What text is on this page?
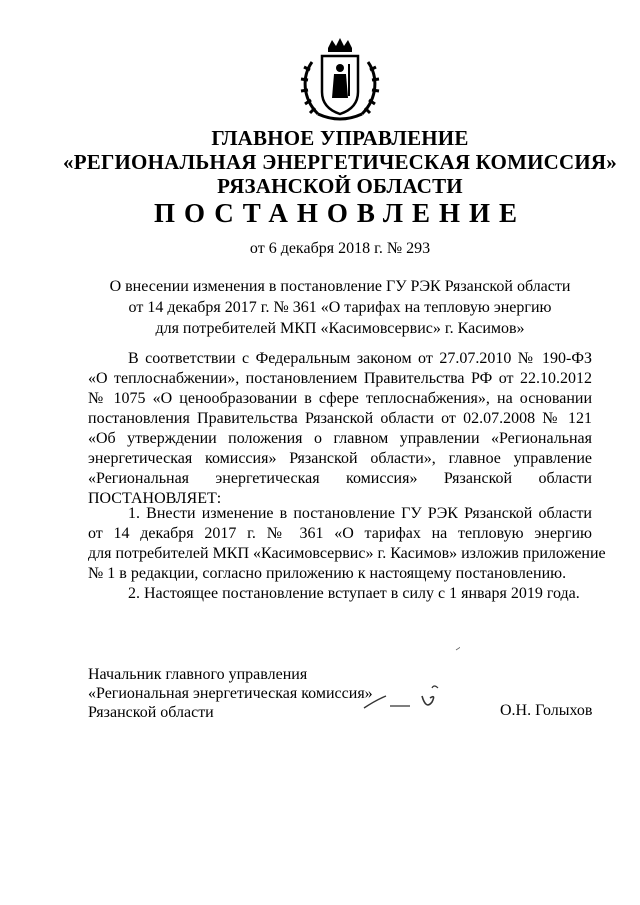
ГЛАВНОЕ УПРАВЛЕНИЕ
«РЕГИОНАЛЬНАЯ ЭНЕРГЕТИЧЕСКАЯ КОМИССИЯ»
РЯЗАНСКОЙ ОБЛАСТИ
ПОСТАНОВЛЕНИЕ
от 6 декабря 2018 г. № 293
О внесении изменения в постановление ГУ РЭК Рязанской области
от 14 декабря 2017 г. № 361 «О тарифах на тепловую энергию
для потребителей МКП «Касимовсервис» г. Касимов»
В соответствии с Федеральным законом от 27.07.2010 № 190-ФЗ
«О теплоснабжении», постановлением Правительства РФ от 22.10.2012
№ 1075 «О ценообразовании в сфере теплоснабжения», на основании
постановления Правительства Рязанской области от 02.07.2008 № 121
«Об утверждении положения о главном управлении «Региональная
энергетическая комиссия» Рязанской области», главное управление
«Региональная энергетическая комиссия» Рязанской области
ПОСТАНОВЛЯЕТ:
1. Внести изменение в постановление ГУ РЭК Рязанской области
от 14 декабря 2017 г. № 361 «О тарифах на тепловую энергию
для потребителей МКП «Касимовсервис» г. Касимов» изложив приложение
№ 1 в редакции, согласно приложению к настоящему постановлению.
2. Настоящее постановление вступает в силу с 1 января 2019 года.
Начальник главного управления
«Региональная энергетическая комиссия»
Рязанской области	О.Н. Голыхов
